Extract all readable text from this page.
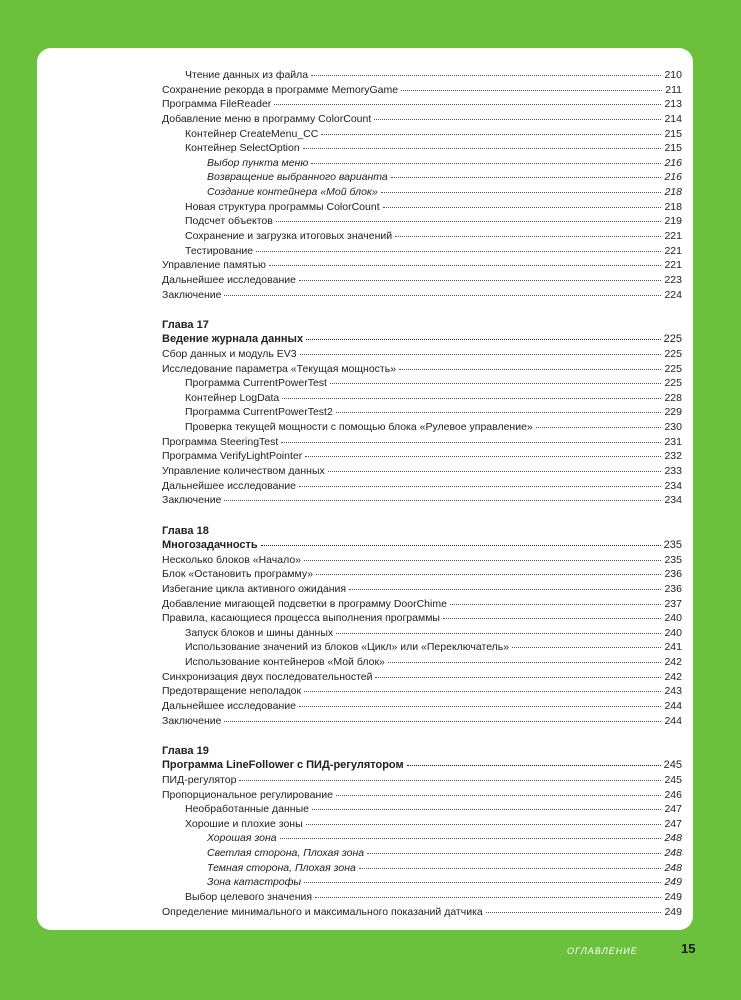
Чтение данных из файла	210
Сохранение рекорда в программе MemoryGame	211
Программа FileReader	213
Добавление меню в программу ColorCount	214
Контейнер CreateMenu_CC	215
Контейнер SelectOption	215
Выбор пункта меню	216
Возвращение выбранного варианта	216
Создание контейнера «Мой блок»	218
Новая структура программы ColorCount	218
Подсчет объектов	219
Сохранение и загрузка итоговых значений	221
Тестирование	221
Управление памятью	221
Дальнейшее исследование	223
Заключение	224
Глава 17
Ведение журнала данных	225
Сбор данных и модуль EV3	225
Исследование параметра «Текущая мощность»	225
Программа CurrentPowerTest	225
Контейнер LogData	228
Программа CurrentPowerTest2	229
Проверка текущей мощности с помощью блока «Рулевое управление»	230
Программа SteeringTest	231
Программа VerifyLightPointer	232
Управление количеством данных	233
Дальнейшее исследование	234
Заключение	234
Глава 18
Многозадачность	235
Несколько блоков «Начало»	235
Блок «Остановить программу»	236
Избегание цикла активного ожидания	236
Добавление мигающей подсветки в программу DoorChime	237
Правила, касающиеся процесса выполнения программы	240
Запуск блоков и шины данных	240
Использование значений из блоков «Цикл» или «Переключатель»	241
Использование контейнеров «Мой блок»	242
Синхронизация двух последовательностей	242
Предотвращение неполадок	243
Дальнейшее исследование	244
Заключение	244
Глава 19
Программа LineFollower с ПИД-регулятором	245
ПИД-регулятор	245
Пропорциональное регулирование	246
Необработанные данные	247
Хорошие и плохие зоны	247
Хорошая зона	248
Светлая сторона, Плохая зона	248
Темная сторона, Плохая зона	248
Зона катастрофы	249
Выбор целевого значения	249
Определение минимального и максимального показаний датчика	249
ОГЛАВЛЕНИЕ	15
